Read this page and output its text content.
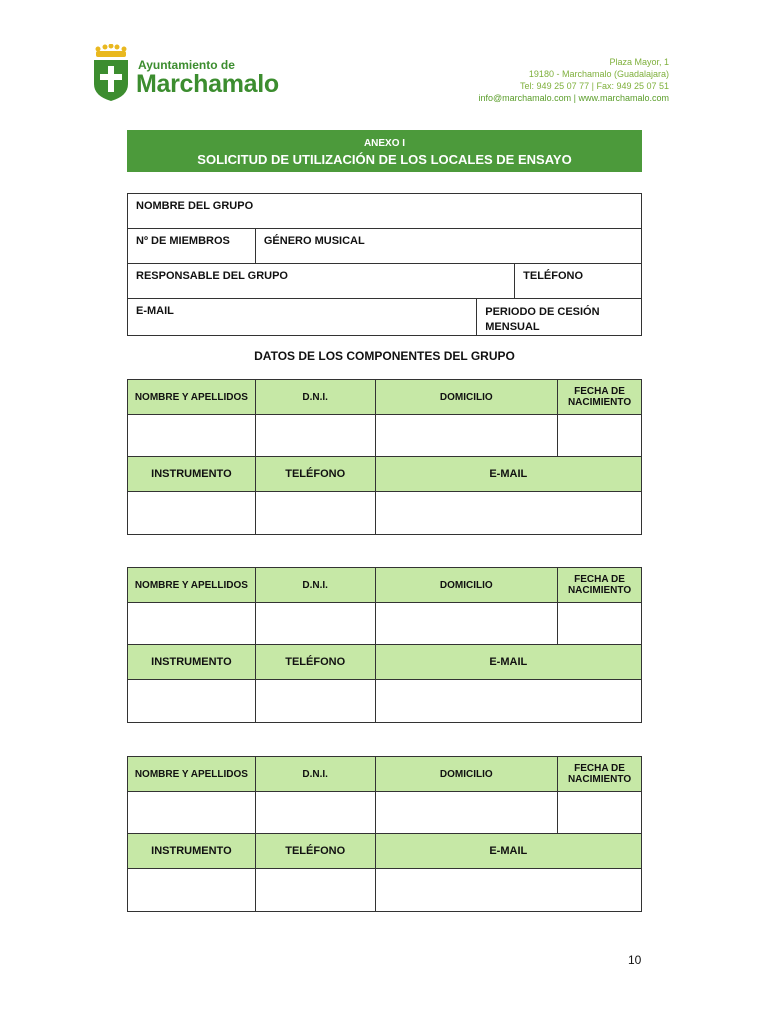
Ayuntamiento de
Marchamalo
Plaza Mayor, 1
19180 - Marchamalo (Guadalajara)
Tel: 949 25 07 77 | Fax: 949 25 07 51
info@marchamalo.com | www.marchamalo.com
ANEXO I
SOLICITUD DE UTILIZACIÓN DE LOS LOCALES DE ENSAYO
NOMBRE DEL GRUPO			
Nº DE MIEMBROS	GÉNERO MUSICAL		
RESPONSABLE DEL GRUPO			TELÉFONO
E-MAIL		PERIODO DE CESIÓN MENSUAL	
DATOS DE LOS COMPONENTES DEL GRUPO
NOMBRE Y APELLIDOS	D.N.I.	DOMICILIO	FECHA DE NACIMIENTO

INSTRUMENTO	TELÉFONO	E-MAIL	

NOMBRE Y APELLIDOS	D.N.I.	DOMICILIO	FECHA DE NACIMIENTO

INSTRUMENTO	TELÉFONO	E-MAIL	

NOMBRE Y APELLIDOS	D.N.I.	DOMICILIO	FECHA DE NACIMIENTO

INSTRUMENTO	TELÉFONO	E-MAIL	

10
